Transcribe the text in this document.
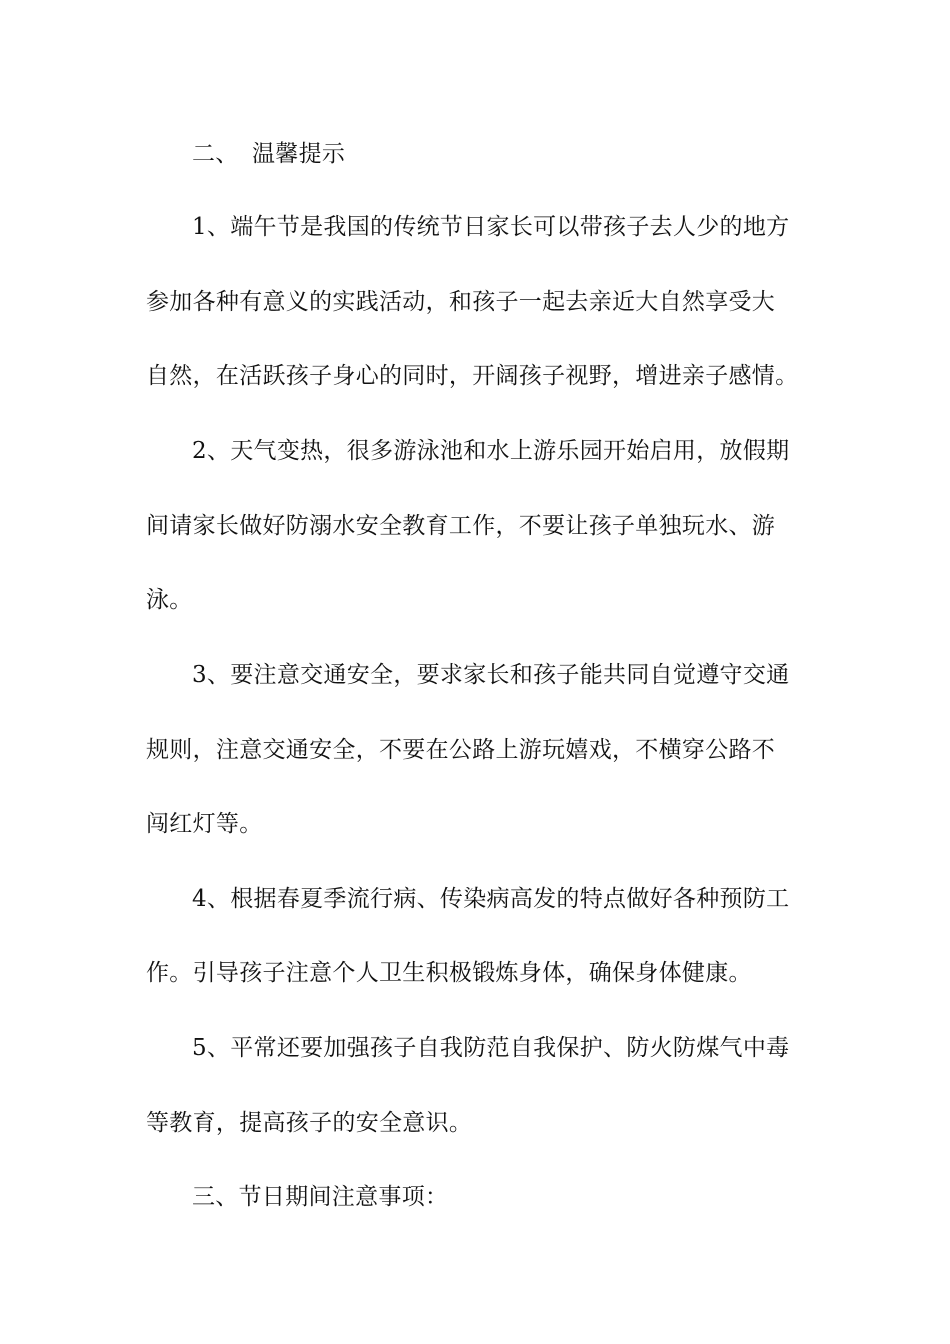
二、 温馨提示
1、端午节是我国的传统节日家长可以带孩子去人少的地方
参加各种有意义的实践活动，和孩子一起去亲近大自然享受大
自然，在活跃孩子身心的同时，开阔孩子视野，增进亲子感情。
2、天气变热，很多游泳池和水上游乐园开始启用，放假期
间请家长做好防溺水安全教育工作，不要让孩子单独玩水、游
泳。
3、要注意交通安全，要求家长和孩子能共同自觉遵守交通
规则，注意交通安全，不要在公路上游玩嬉戏，不横穿公路不
闯红灯等。
4、根据春夏季流行病、传染病高发的特点做好各种预防工
作。引导孩子注意个人卫生积极锻炼身体，确保身体健康。
5、平常还要加强孩子自我防范自我保护、防火防煤气中毒
等教育，提高孩子的安全意识。
三、节日期间注意事项：
